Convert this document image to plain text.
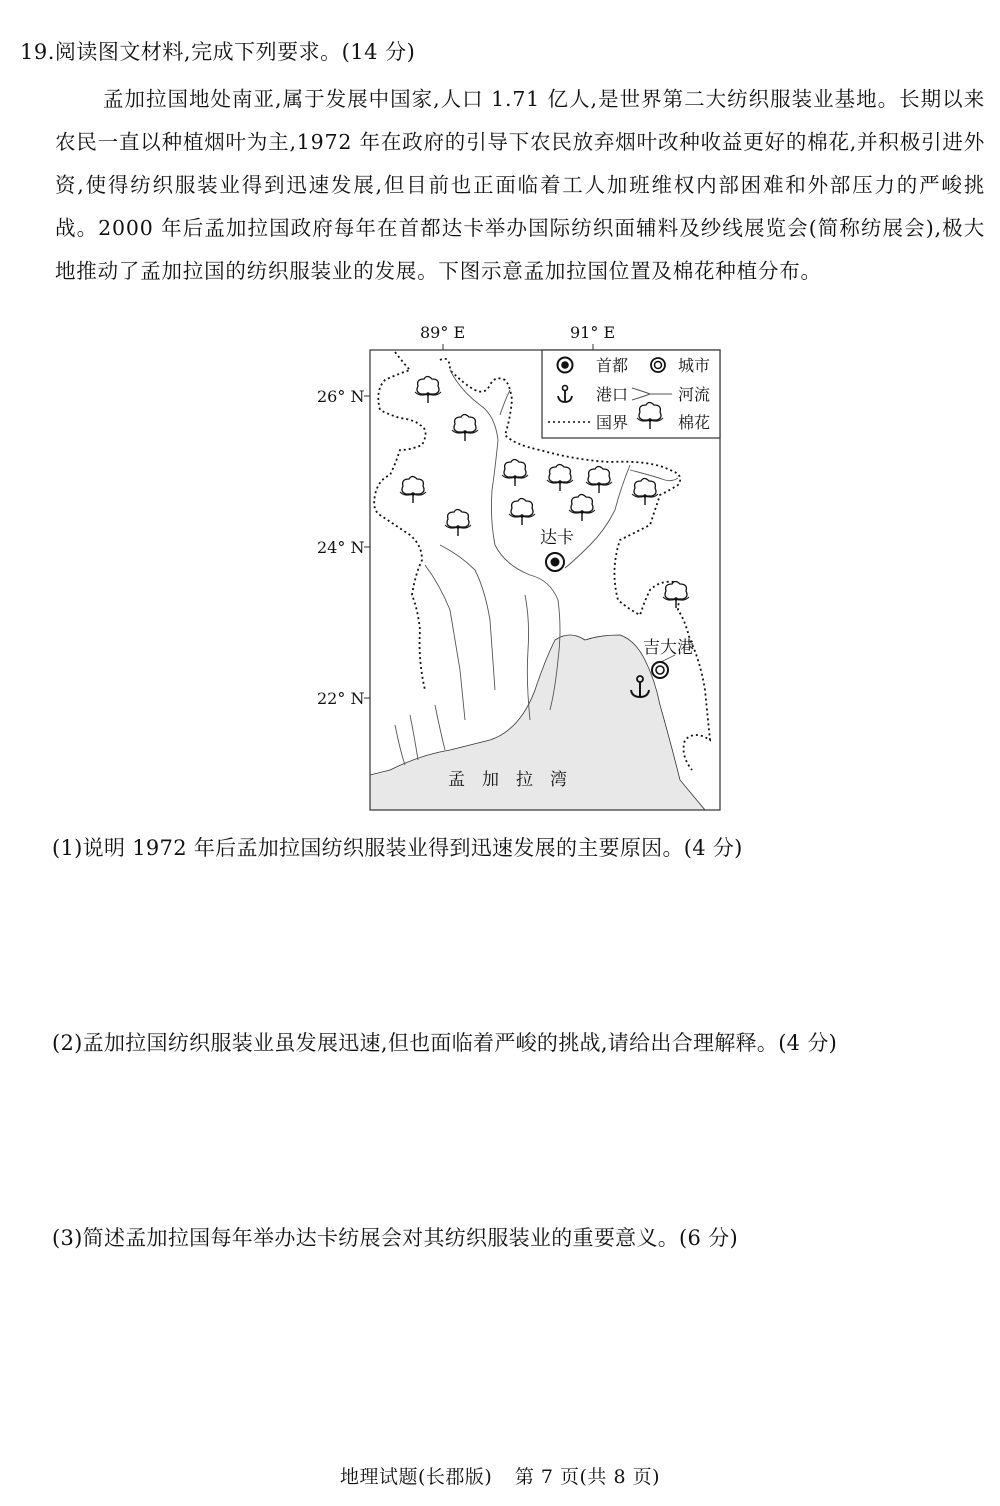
19.阅读图文材料,完成下列要求。(14 分)
孟加拉国地处南亚,属于发展中国家,人口 1.71 亿人,是世界第二大纺织服装业基地。长期以来农民一直以种植烟叶为主,1972 年在政府的引导下农民放弃烟叶改种收益更好的棉花,并积极引进外资,使得纺织服装业得到迅速发展,但目前也正面临着工人加班维权内部困难和外部压力的严峻挑战。2000 年后孟加拉国政府每年在首都达卡举办国际纺织面辅料及纱线展览会(简称纺展会),极大地推动了孟加拉国的纺织服装业的发展。下图示意孟加拉国位置及棉花种植分布。
达卡
吉大港
孟　加　拉　湾
89° E	91° E
26° N
24° N
22° N
首都	城市
港口	河流
国界	棉花
(1)说明 1972 年后孟加拉国纺织服装业得到迅速发展的主要原因。(4 分)
(2)孟加拉国纺织服装业虽发展迅速,但也面临着严峻的挑战,请给出合理解释。(4 分)
(3)简述孟加拉国每年举办达卡纺展会对其纺织服装业的重要意义。(6 分)
地理试题(长郡版) 第 7 页(共 8 页)
